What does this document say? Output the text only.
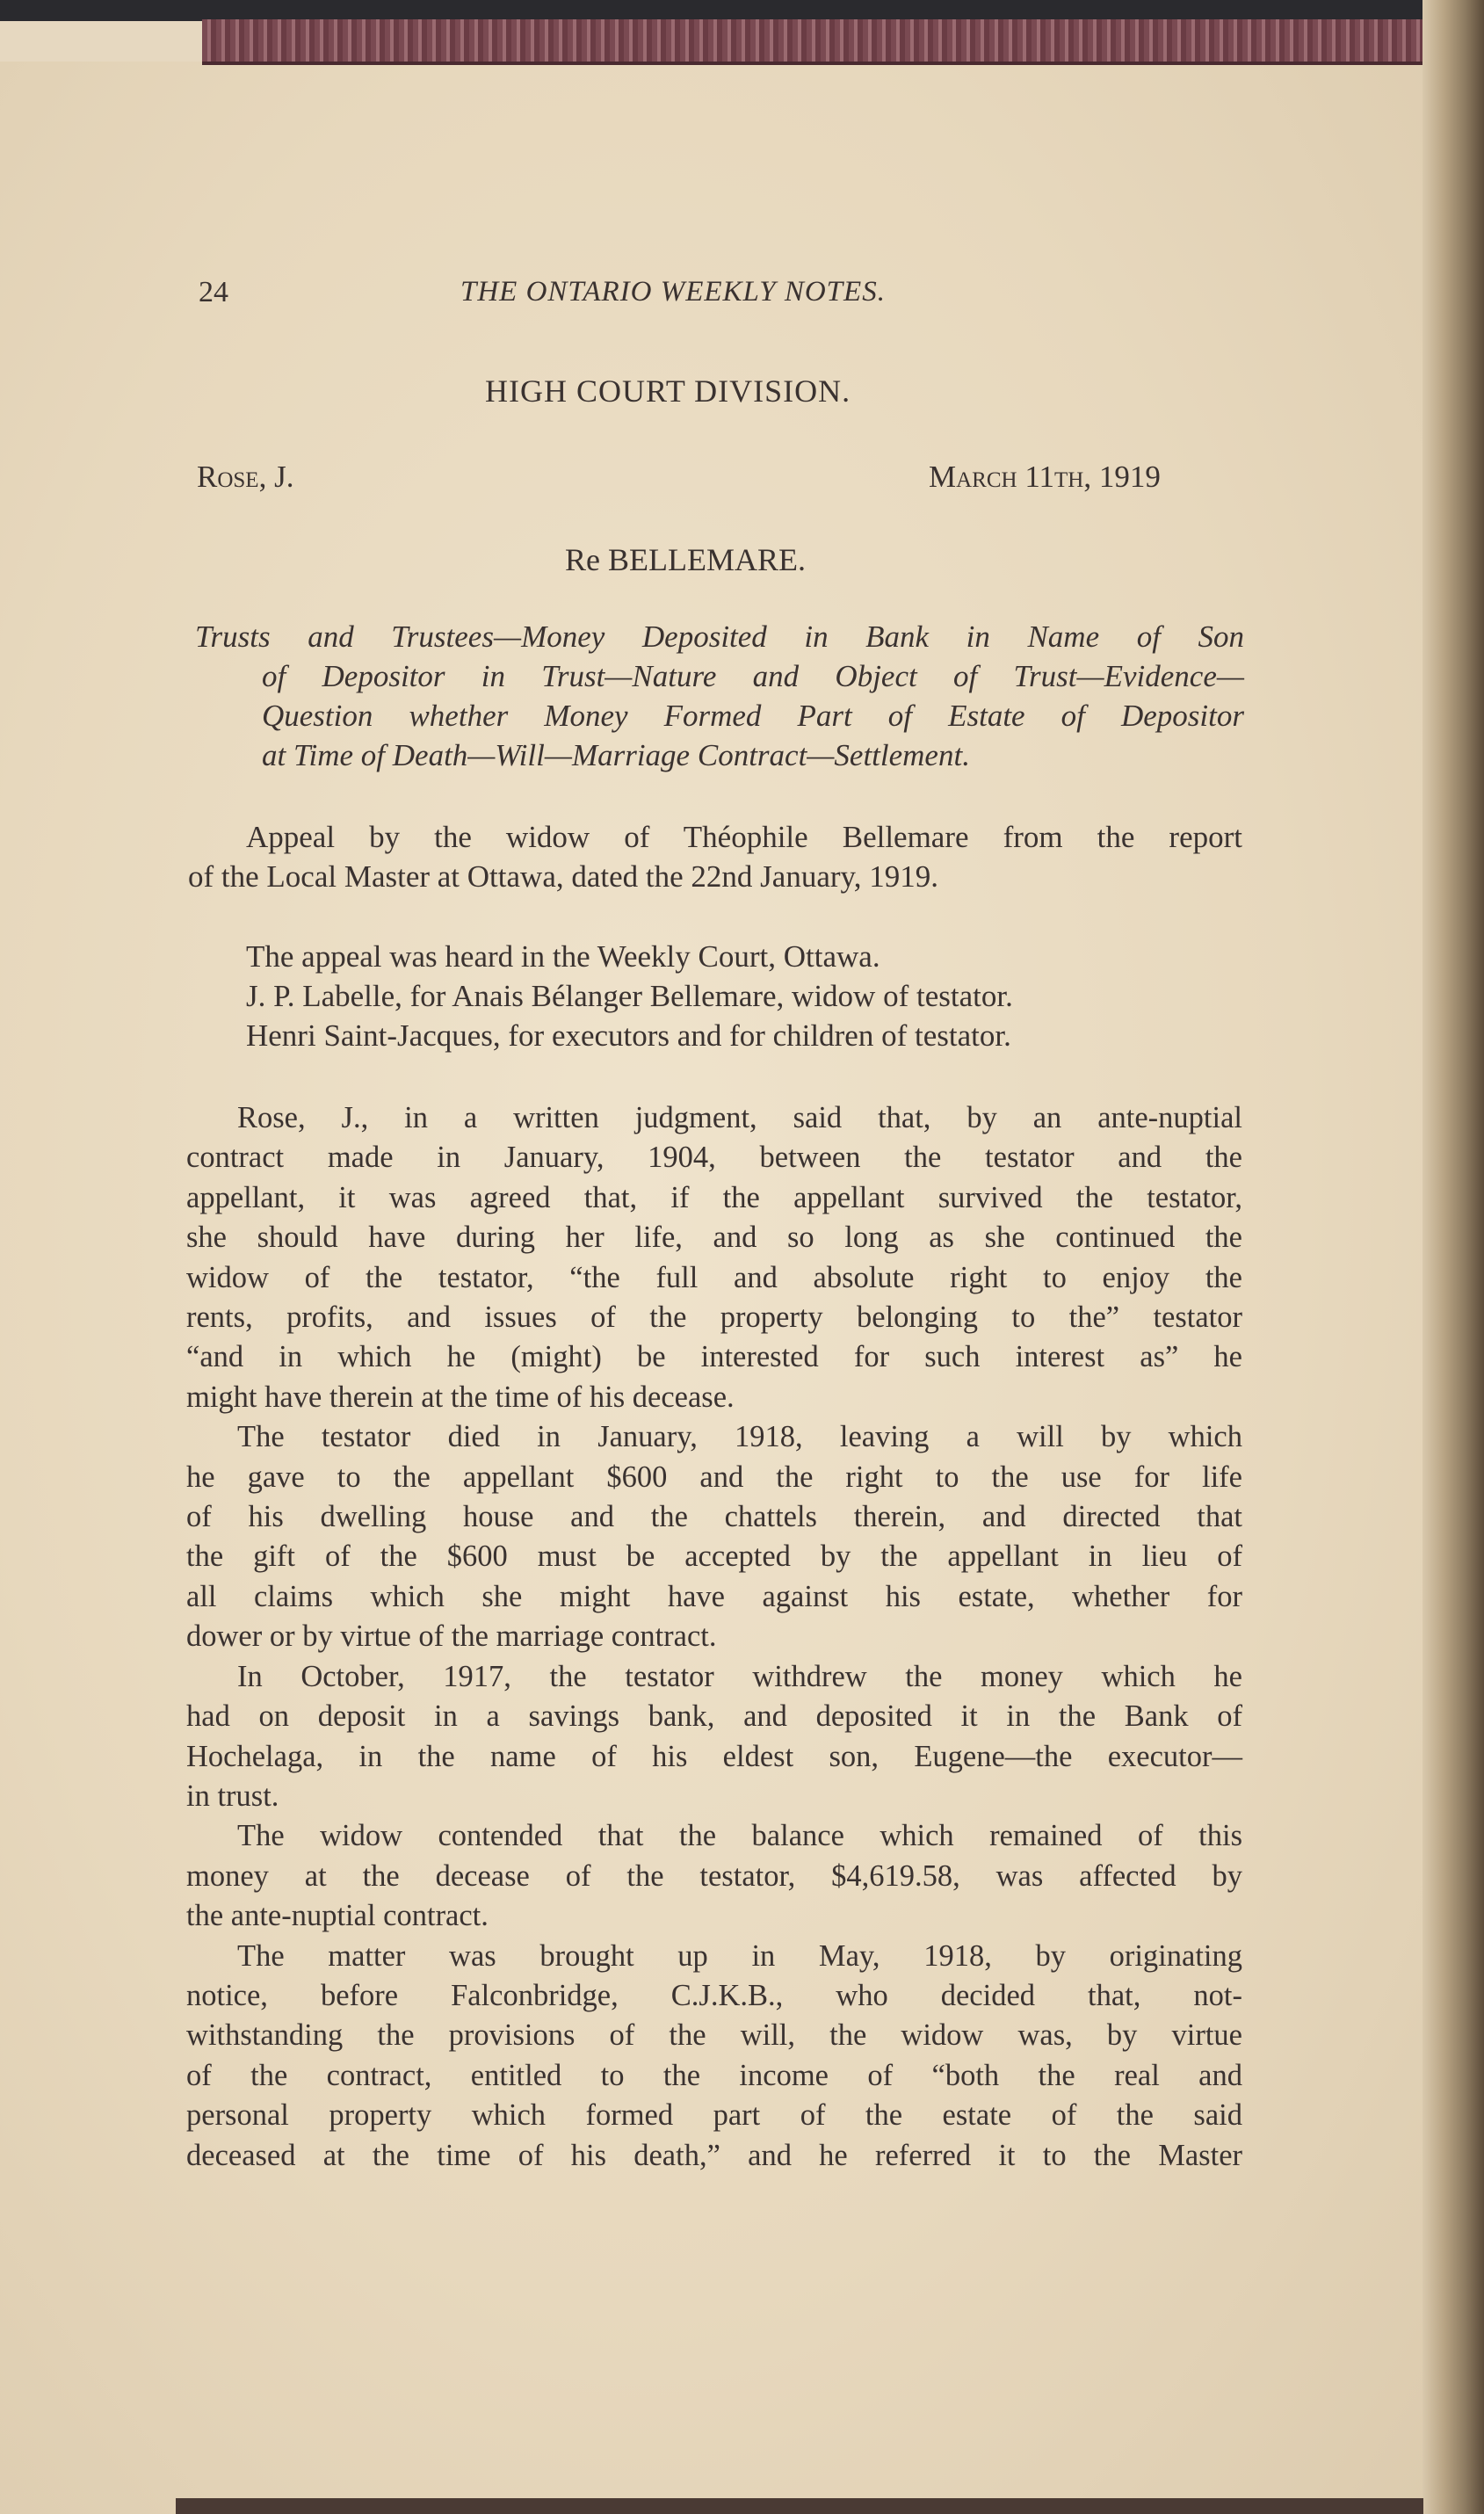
24	THE ONTARIO WEEKLY NOTES.
HIGH COURT DIVISION.
Rose, J.	March 11th, 1919
Re BELLEMARE.
Trusts and Trustees—Money Deposited in Bank in Name of Son
of Depositor in Trust—Nature and Object of Trust—Evidence—
Question whether Money Formed Part of Estate of Depositor
at Time of Death—Will—Marriage Contract—Settlement.
Appeal by the widow of Théophile Bellemare from the report
of the Local Master at Ottawa, dated the 22nd January, 1919.
The appeal was heard in the Weekly Court, Ottawa.
J. P. Labelle, for Anais Bélanger Bellemare, widow of testator.
Henri Saint-Jacques, for executors and for children of testator.
Rose, J., in a written judgment, said that, by an ante-nuptial
contract made in January, 1904, between the testator and the
appellant, it was agreed that, if the appellant survived the testator,
she should have during her life, and so long as she continued the
widow of the testator, “the full and absolute right to enjoy the
rents, profits, and issues of the property belonging to the” testator
“and in which he (might) be interested for such interest as” he
might have therein at the time of his decease.
The testator died in January, 1918, leaving a will by which
he gave to the appellant $600 and the right to the use for life
of his dwelling house and the chattels therein, and directed that
the gift of the $600 must be accepted by the appellant in lieu of
all claims which she might have against his estate, whether for
dower or by virtue of the marriage contract.
In October, 1917, the testator withdrew the money which he
had on deposit in a savings bank, and deposited it in the Bank of
Hochelaga, in the name of his eldest son, Eugene—the executor—
in trust.
The widow contended that the balance which remained of this
money at the decease of the testator, $4,619.58, was affected by
the ante-nuptial contract.
The matter was brought up in May, 1918, by originating
notice, before Falconbridge, C.J.K.B., who decided that, not-
withstanding the provisions of the will, the widow was, by virtue
of the contract, entitled to the income of “both the real and
personal property which formed part of the estate of the said
deceased at the time of his death,” and he referred it to the Master
